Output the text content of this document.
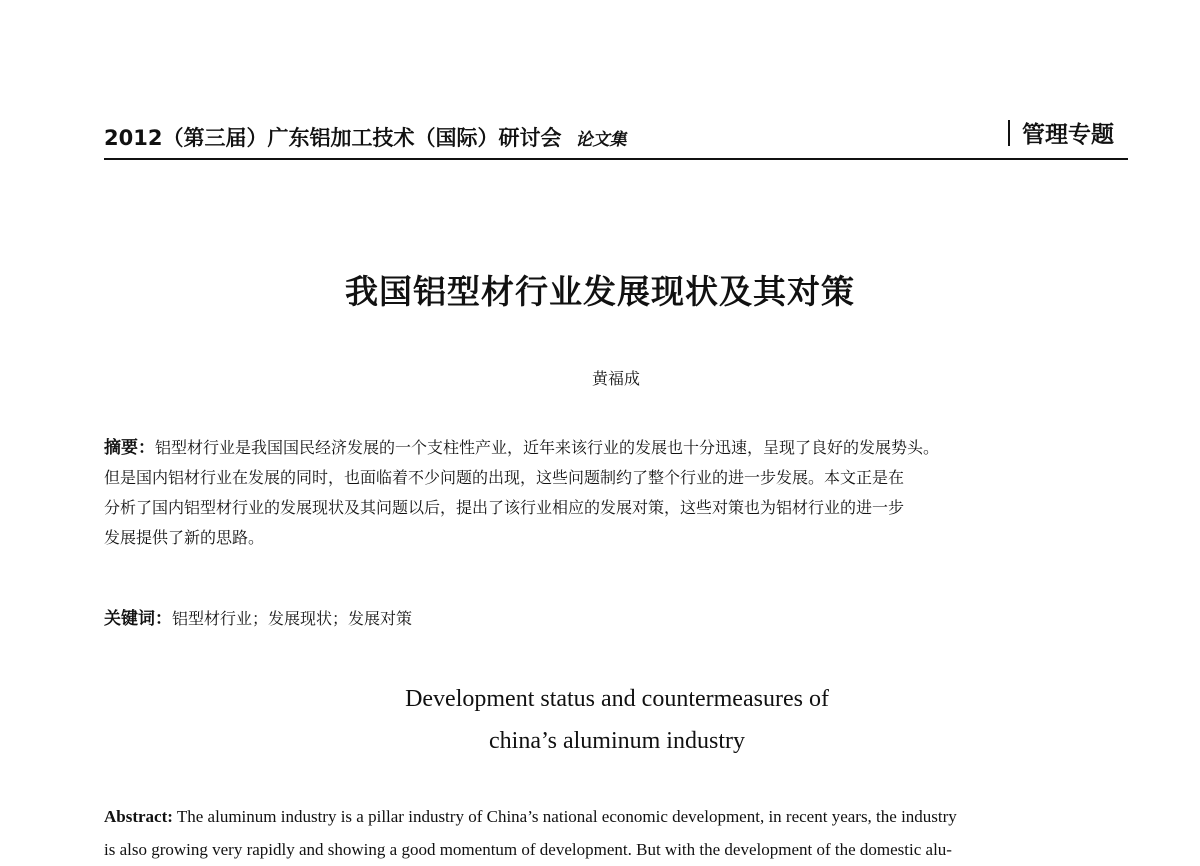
2012（第三届）广东铝加工技术（国际）研讨会 论文集	管理专题
我国铝型材行业发展现状及其对策
黄福成
摘要：铝型材行业是我国国民经济发展的一个支柱性产业，近年来该行业的发展也十分迅速，呈现了良好的发展势头。
但是国内铝材行业在发展的同时，也面临着不少问题的出现，这些问题制约了整个行业的进一步发展。本文正是在
分析了国内铝型材行业的发展现状及其问题以后，提出了该行业相应的发展对策，这些对策也为铝材行业的进一步
发展提供了新的思路。
关键词：铝型材行业；发展现状；发展对策
Development status and countermeasures of
china’s aluminum industry
Abstract: The aluminum industry is a pillar industry of China’s national economic development, in recent years, the industry
is also growing very rapidly and showing a good momentum of development. But with the development of the domestic alu-
